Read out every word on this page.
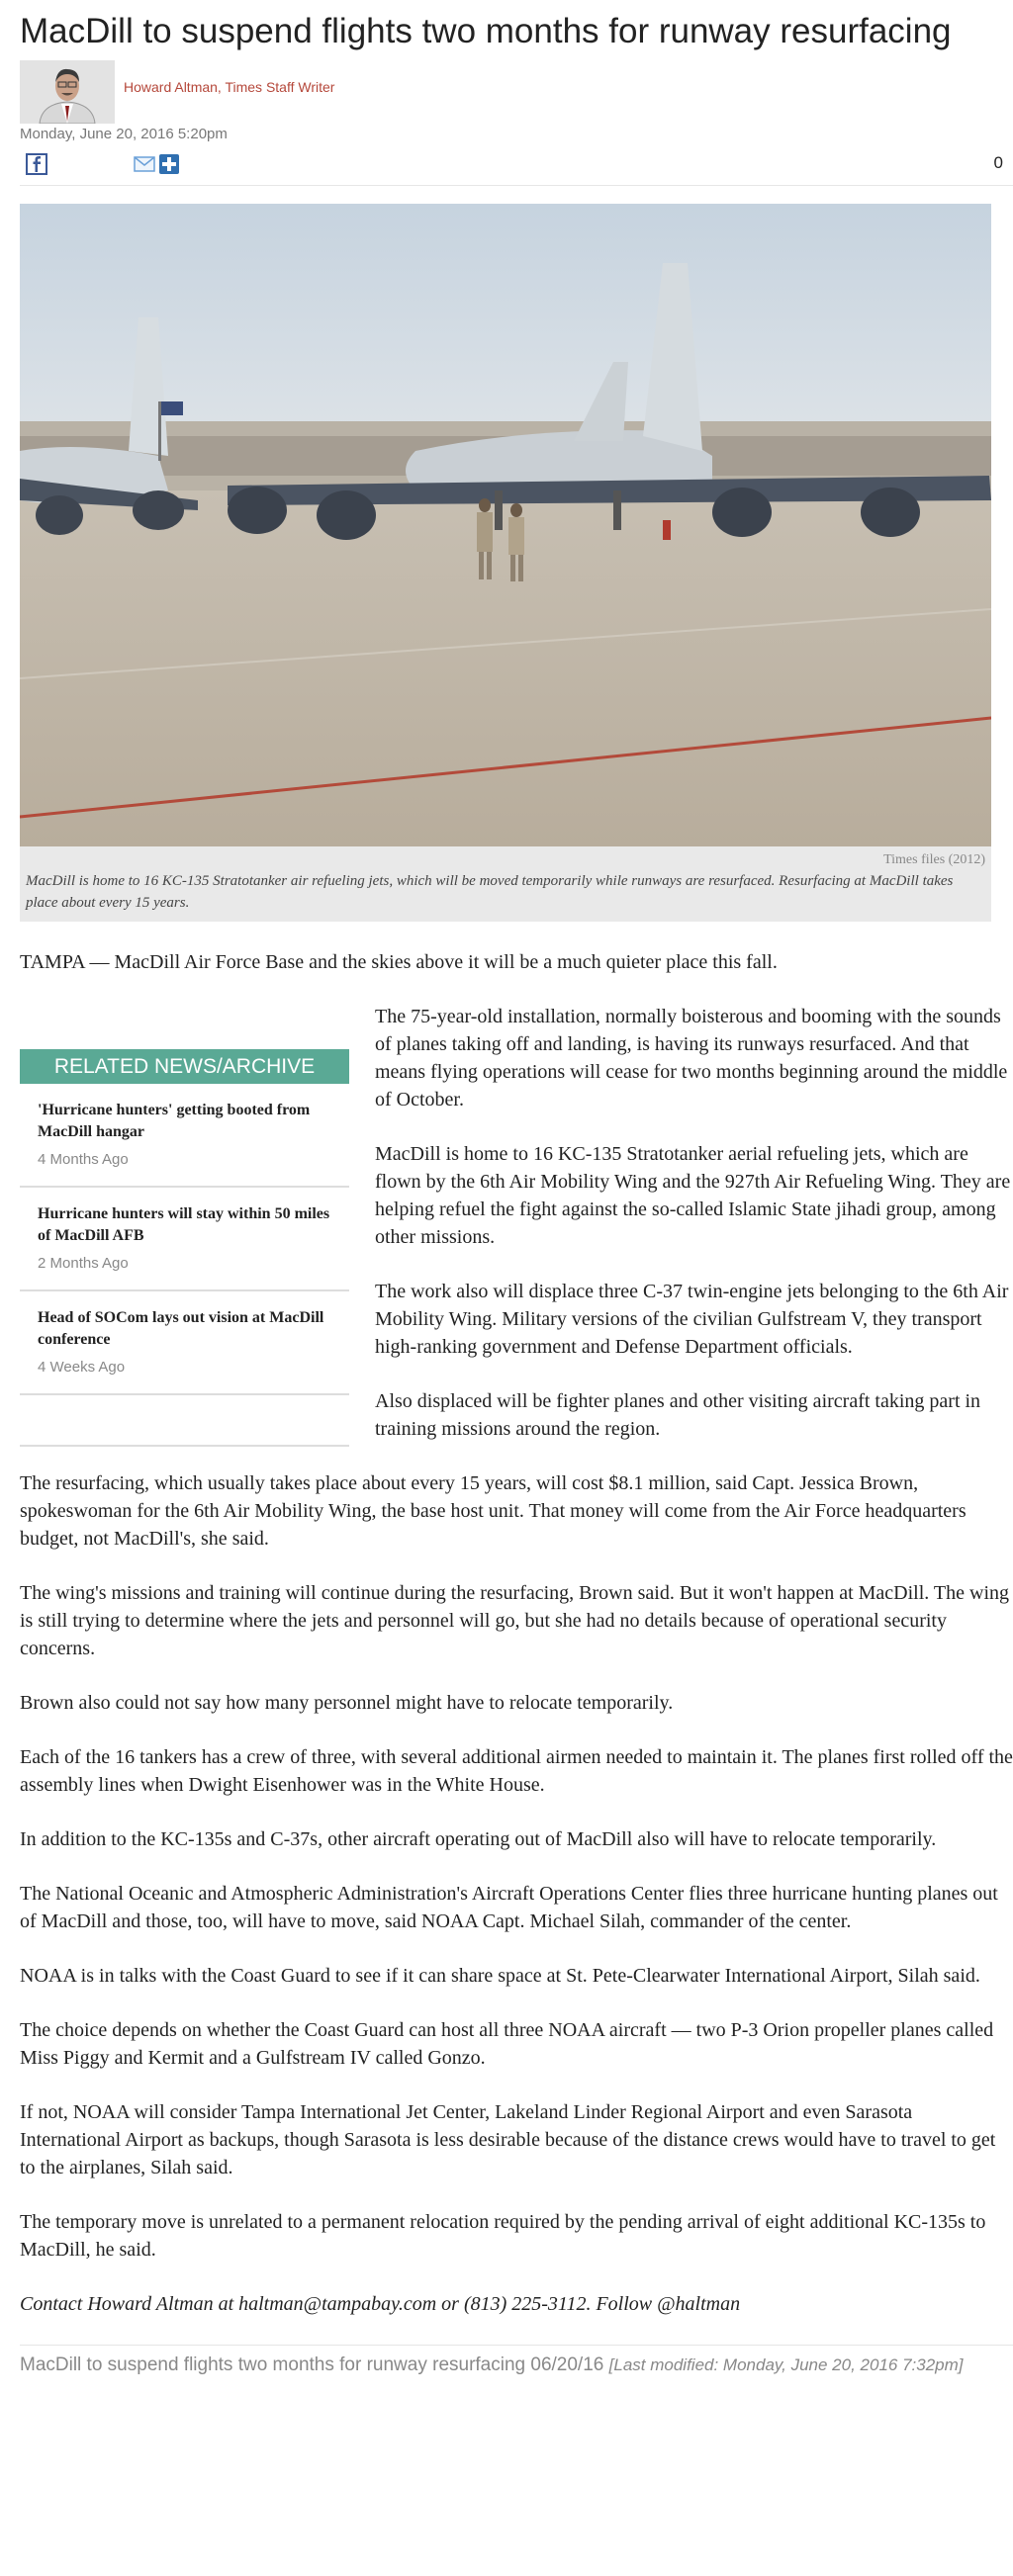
MacDill to suspend flights two months for runway resurfacing
Howard Altman, Times Staff Writer
Monday, June 20, 2016 5:20pm
0
Times files (2012)
MacDill is home to 16 KC-135 Stratotanker air refueling jets, which will be moved temporarily while runways are resurfaced. Resurfacing at MacDill takes place about every 15 years.

TAMPA — MacDill Air Force Base and the skies above it will be a much quieter place this fall.

RELATED NEWS/ARCHIVE
'Hurricane hunters' getting booted from MacDill hangar
4 Months Ago
Hurricane hunters will stay within 50 miles of MacDill AFB
2 Months Ago
Head of SOCom lays out vision at MacDill conference
4 Weeks Ago

The 75-year-old installation, normally boisterous and booming with the sounds of planes taking off and landing, is having its runways resurfaced. And that means flying operations will cease for two months beginning around the middle of October.

MacDill is home to 16 KC-135 Stratotanker aerial refueling jets, which are flown by the 6th Air Mobility Wing and the 927th Air Refueling Wing. They are helping refuel the fight against the so-called Islamic State jihadi group, among other missions.

The work also will displace three C-37 twin-engine jets belonging to the 6th Air Mobility Wing. Military versions of the civilian Gulfstream V, they transport high-ranking government and Defense Department officials.

Also displaced will be fighter planes and other visiting aircraft taking part in training missions around the region.

The resurfacing, which usually takes place about every 15 years, will cost $8.1 million, said Capt. Jessica Brown, spokeswoman for the 6th Air Mobility Wing, the base host unit. That money will come from the Air Force headquarters budget, not MacDill's, she said.

The wing's missions and training will continue during the resurfacing, Brown said. But it won't happen at MacDill. The wing is still trying to determine where the jets and personnel will go, but she had no details because of operational security concerns.

Brown also could not say how many personnel might have to relocate temporarily.

Each of the 16 tankers has a crew of three, with several additional airmen needed to maintain it. The planes first rolled off the assembly lines when Dwight Eisenhower was in the White House.

In addition to the KC-135s and C-37s, other aircraft operating out of MacDill also will have to relocate temporarily.

The National Oceanic and Atmospheric Administration's Aircraft Operations Center flies three hurricane hunting planes out of MacDill and those, too, will have to move, said NOAA Capt. Michael Silah, commander of the center.

NOAA is in talks with the Coast Guard to see if it can share space at St. Pete-Clearwater International Airport, Silah said.

The choice depends on whether the Coast Guard can host all three NOAA aircraft — two P-3 Orion propeller planes called Miss Piggy and Kermit and a Gulfstream IV called Gonzo.

If not, NOAA will consider Tampa International Jet Center, Lakeland Linder Regional Airport and even Sarasota International Airport as backups, though Sarasota is less desirable because of the distance crews would have to travel to get to the airplanes, Silah said.

The temporary move is unrelated to a permanent relocation required by the pending arrival of eight additional KC-135s to MacDill, he said.

Contact Howard Altman at haltman@tampabay.com or (813) 225-3112. Follow @haltman

MacDill to suspend flights two months for runway resurfacing 06/20/16 [Last modified: Monday, June 20, 2016 7:32pm]
